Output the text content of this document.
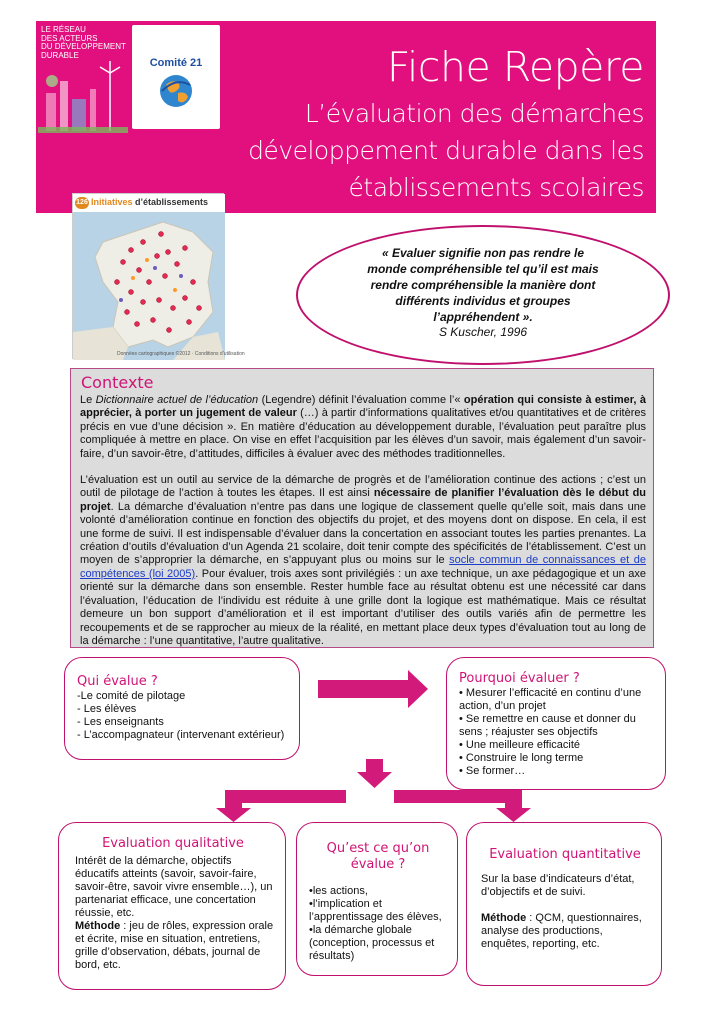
LE RÉSEAU
DES ACTEURS
DU DÉVELOPPEMENT
DURABLE
Comité 21	Fiche Repère
L’évaluation des démarches
développement durable dans les
établissements scolaires
126 Initiatives d’établissements
Données cartographiques ©2012 · Conditions d’utilisation
« Evaluer signifie non pas rendre le
monde compréhensible tel qu’il est mais
rendre compréhensible la manière dont
différents individus et groupes
l’appréhendent ».
S Kuscher, 1996
Contexte

Le Dictionnaire actuel de l’éducation (Legendre) définit l’évaluation comme l’« opération qui consiste à estimer, à apprécier, à porter un jugement de valeur (…) à partir d’informations qualitatives et/ou quantitatives et de critères précis en vue d’une décision ». En matière d’éducation au développement durable, l’évaluation peut paraître plus compliquée à mettre en place. On vise en effet l’acquisition par les élèves d’un savoir, mais également d’un savoir-faire, d’un savoir-être, d’attitudes, difficiles à évaluer avec des méthodes traditionnelles.

L’évaluation est un outil au service de la démarche de progrès et de l’amélioration continue des actions ; c’est un outil de pilotage de l’action à toutes les étapes. Il est ainsi nécessaire de planifier l’évaluation dès le début du projet. La démarche d’évaluation n’entre pas dans une logique de classement quelle qu’elle soit, mais dans une volonté d’amélioration continue en fonction des objectifs du projet, et des moyens dont on dispose. En cela, il est une forme de suivi. Il est indispensable d’évaluer dans la concertation en associant toutes les parties prenantes. La création d’outils d’évaluation d’un Agenda 21 scolaire, doit tenir compte des spécificités de l’établissement. C’est un moyen de s’approprier la démarche, en s’appuyant plus ou moins sur le socle commun de connaissances et de compétences (loi 2005). Pour évaluer, trois axes sont privilégiés : un axe technique, un axe pédagogique et un axe orienté sur la démarche dans son ensemble. Rester humble face au résultat obtenu est une nécessité car dans l’évaluation, l’éducation de l’individu est réduite à une grille dont la logique est mathématique. Mais ce résultat demeure un bon support d’amélioration et il est important d’utiliser des outils variés afin de permettre les recoupements et de se rapprocher au mieux de la réalité, en mettant place deux types d’évaluation tout au long de la démarche : l’une quantitative, l’autre qualitative.

Qui évalue ?
-Le comité de pilotage
- Les élèves
- Les enseignants
- L’accompagnateur (intervenant extérieur)
Pourquoi évaluer ?
• Mesurer l’efficacité en continu d’une action, d’un projet
• Se remettre en cause et donner du sens ; réajuster ses objectifs
• Une meilleure efficacité
• Construire le long terme
• Se former…
Evaluation qualitative
Intérêt de la démarche, objectifs éducatifs atteints (savoir, savoir-faire, savoir-être, savoir vivre ensemble…), un partenariat efficace, une concertation réussie, etc.
Méthode : jeu de rôles, expression orale et écrite, mise en situation, entretiens, grille d’observation, débats, journal de bord, etc.
Qu’est ce qu’on
évalue ?
•les actions,
•l’implication et l’apprentissage des élèves,
•la démarche globale (conception, processus et résultats)
Evaluation quantitative
Sur la base d’indicateurs d’état, d’objectifs et de suivi.
Méthode : QCM, questionnaires, analyse des productions, enquêtes, reporting, etc.
